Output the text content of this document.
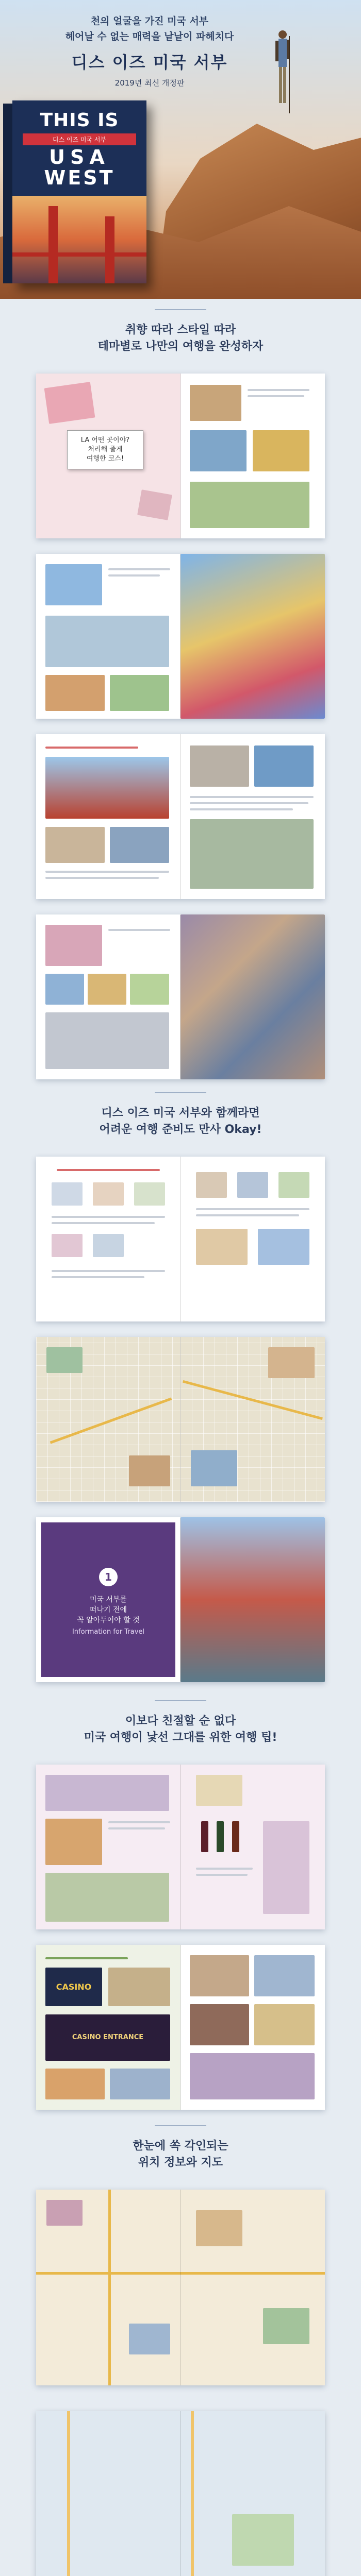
천의 얼굴을 가진 미국 서부
헤어날 수 없는 매력을 낱낱이 파헤치다

디스 이즈 미국 서부

2019년 최신 개정판

THIS IS
디스 이즈 미국 서부
USA
WEST
취향 따라 스타일 따라
테마별로 나만의 여행을 완성하자
LA 어떤 곳이야?
처리해 줄게
여행한 코스!
디스 이즈 미국 서부와 함께라면
어려운 여행 준비도 만사 Okay!
1
미국 서부를
떠나기 전에
꼭 알아두어야 할 것
Information for Travel
이보다 친절할 순 없다
미국 여행이 낯선 그대를 위한 여행 팁!
CASINO
CASINO ENTRANCE
한눈에 쏙 각인되는
위치 정보와 지도
